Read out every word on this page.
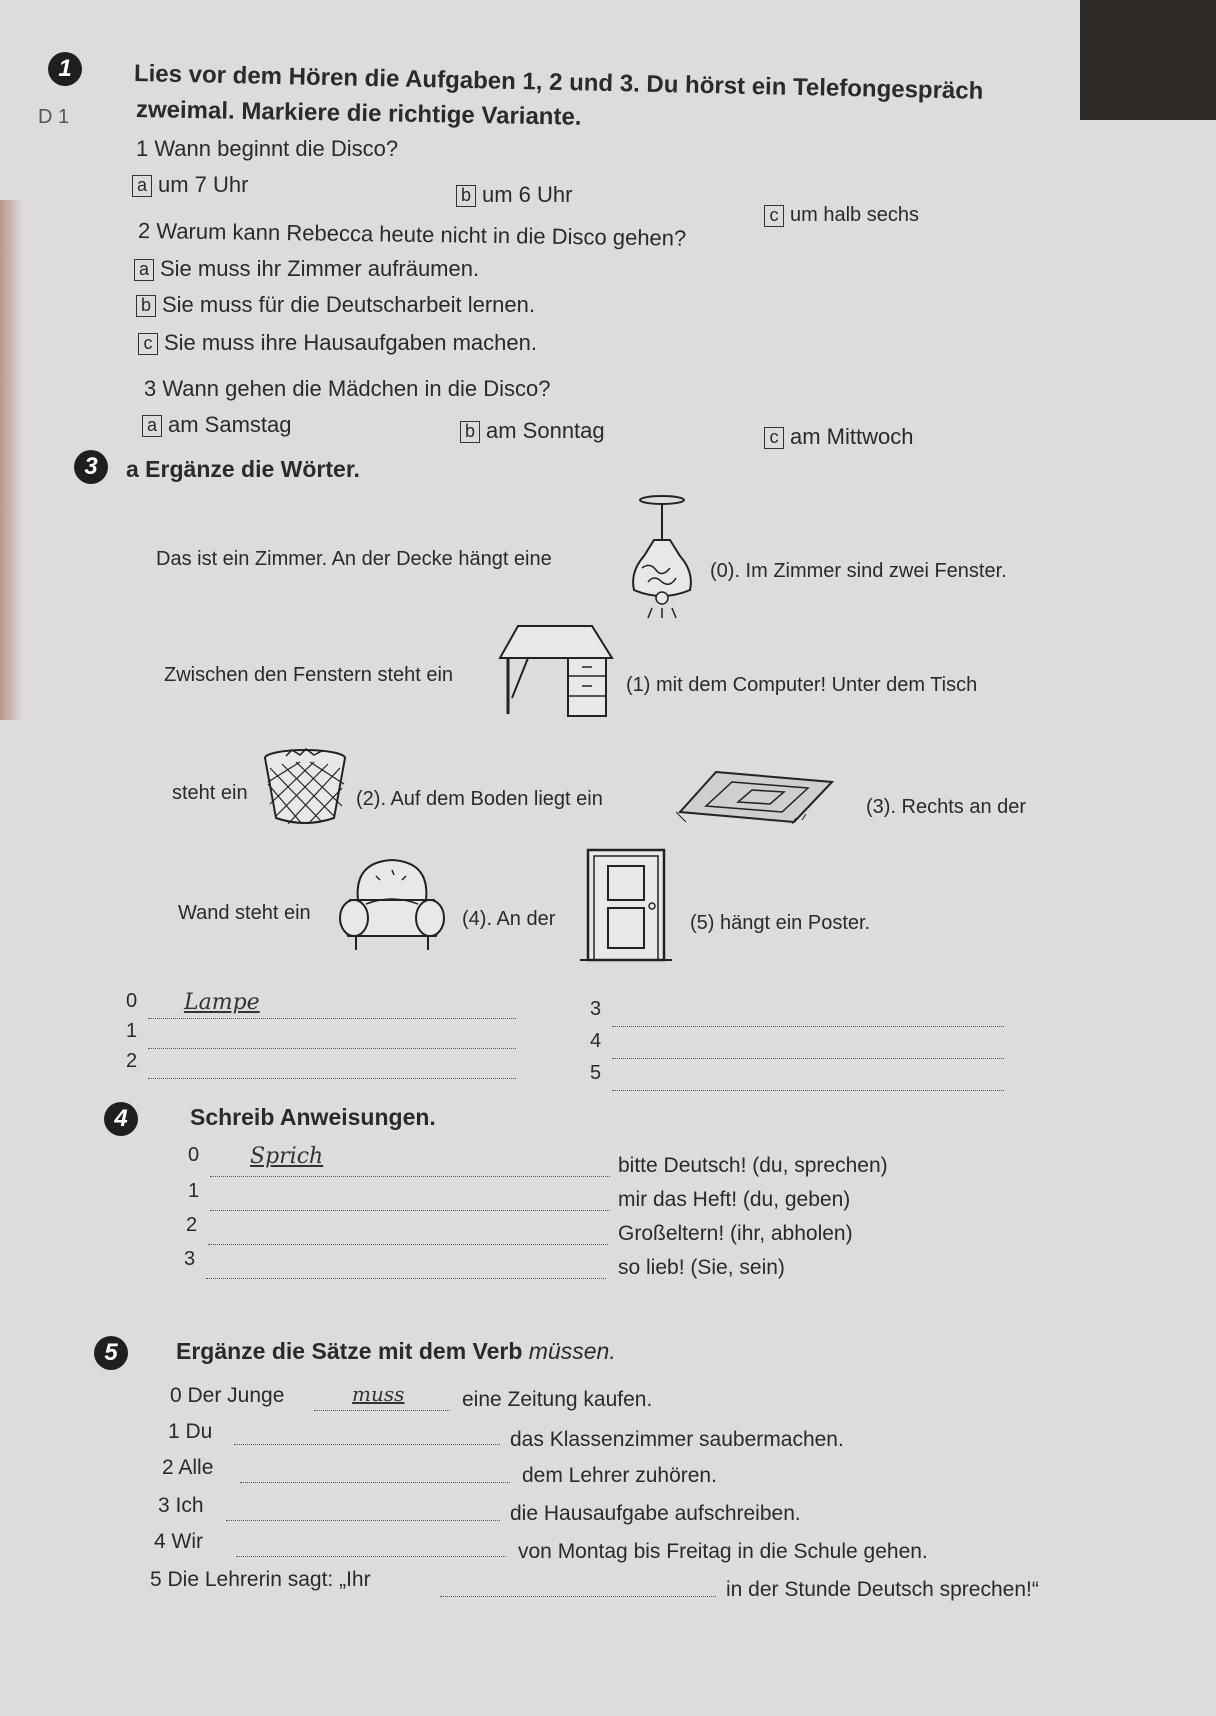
1
D 1
Lies vor dem Hören die Aufgaben 1, 2 und 3. Du hörst ein Telefongespräch
zweimal. Markiere die richtige Variante.
1 Wann beginnt die Disco?
a um 7 Uhr	b um 6 Uhr
c um halb sechs
2 Warum kann Rebecca heute nicht in die Disco gehen?
a Sie muss ihr Zimmer aufräumen.
b Sie muss für die Deutscharbeit lernen.
c Sie muss ihre Hausaufgaben machen.
3 Wann gehen die Mädchen in die Disco?
a am Samstag	b am Sonntag	c am Mittwoch
3	a Ergänze die Wörter.
Das ist ein Zimmer. An der Decke hängt eine
(0). Im Zimmer sind zwei Fenster.
Zwischen den Fenstern steht ein	(1) mit dem Computer! Unter dem Tisch
steht ein	(2). Auf dem Boden liegt ein	(3). Rechts an der
Wand steht ein	(4). An der	(5) hängt ein Poster.
0 Lampe
1
2
3
4
5
4	Schreib Anweisungen.
0 Sprich	bitte Deutsch! (du, sprechen)
1	mir das Heft! (du, geben)
2	Großeltern! (ihr, abholen)
3	so lieb! (Sie, sein)
5	Ergänze die Sätze mit dem Verb müssen.
0 Der Junge	muss	eine Zeitung kaufen.
1 Du	das Klassenzimmer saubermachen.
2 Alle	dem Lehrer zuhören.
3 Ich	die Hausaufgabe aufschreiben.
4 Wir	von Montag bis Freitag in die Schule gehen.
5 Die Lehrerin sagt: „Ihr	in der Stunde Deutsch sprechen!“
